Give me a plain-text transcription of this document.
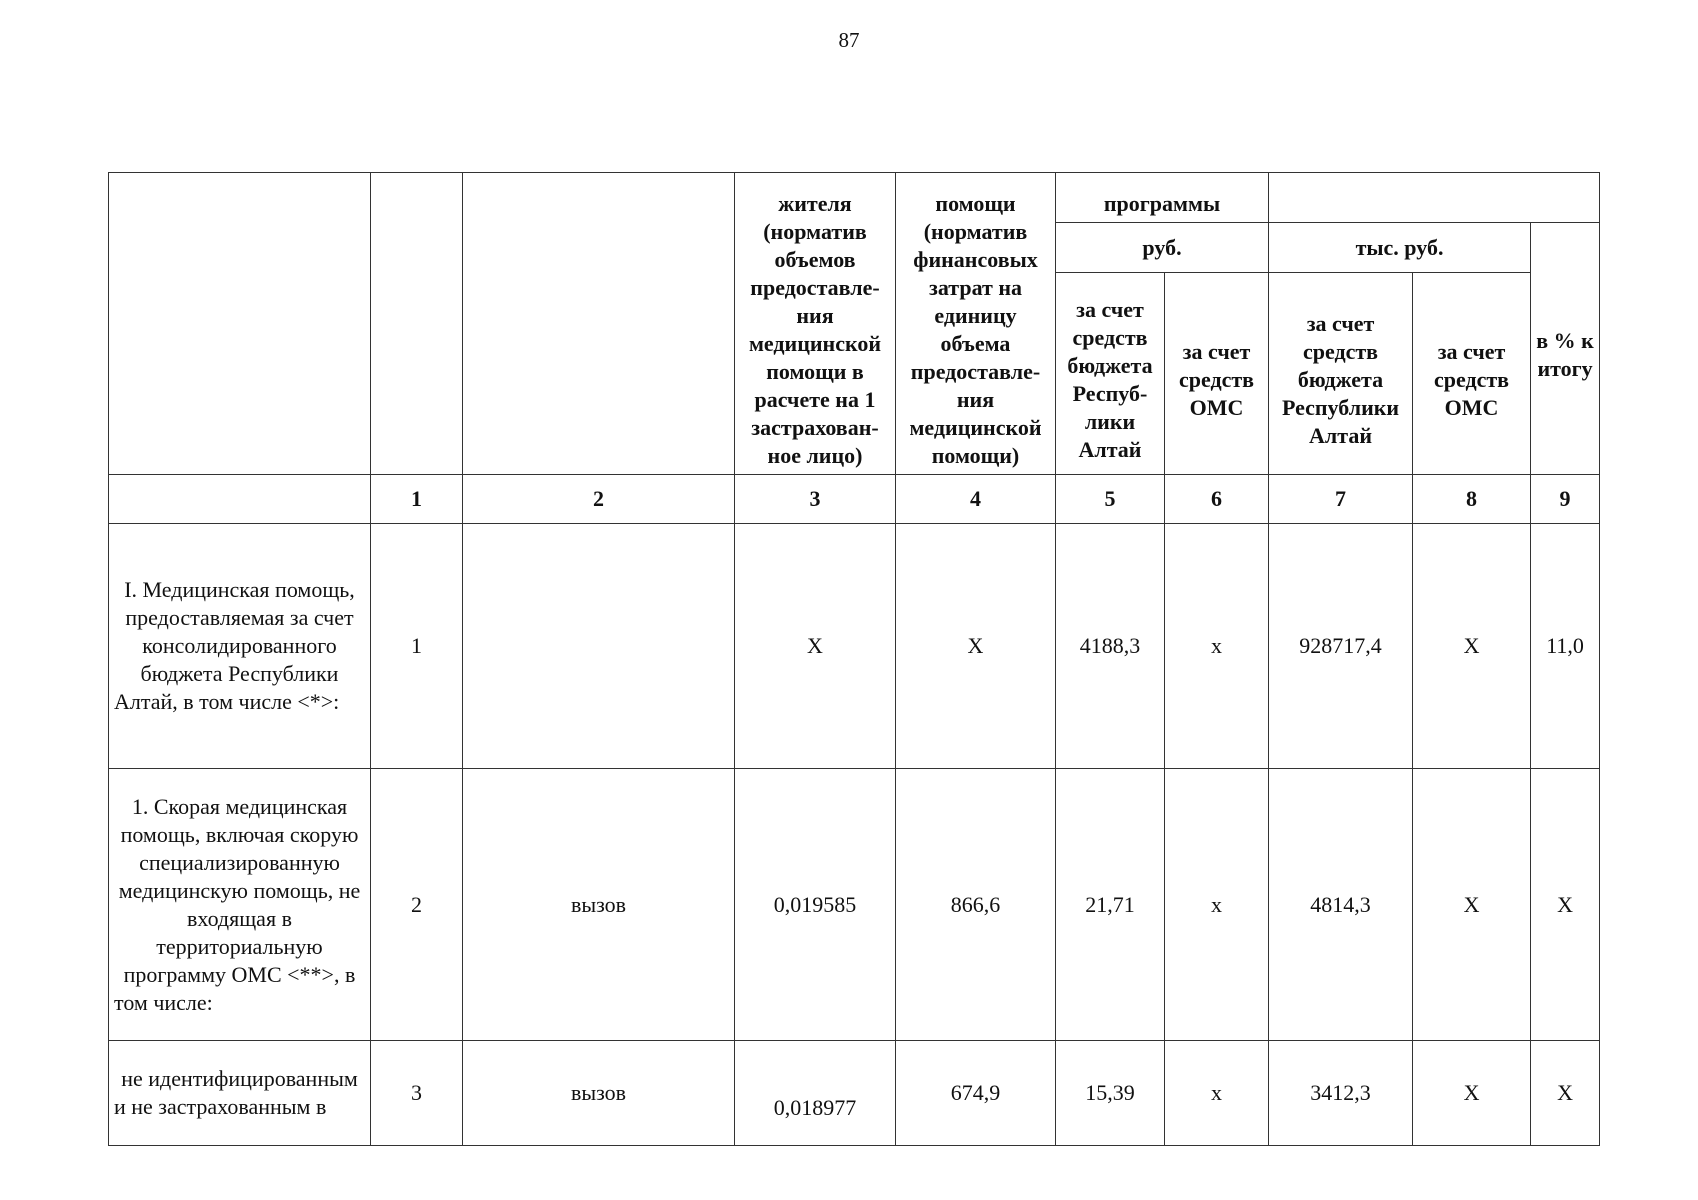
87
			жителя (норматив объемов предоставле-ния медицинской помощи в расчете на 1 застрахован-ное лицо)	помощи (норматив финансовых затрат на единицу объема предоставле-ния медицинской помощи)	программы				
					руб.		тыс. руб.		в % к итогу
					за счет средств бюджета Респуб-лики Алтай	за счет средств ОМС	за счет средств бюджета Республики Алтай	за счет средств ОМС	
	1	2	3	4	5	6	7	8	9
I. Медицинская помощь, предоставляемая за счет консолидированного бюджета Республики Алтай, в том числе <*>:	1		X	X	4188,3	x	928717,4	X	11,0
1. Скорая медицинская помощь, включая скорую специализированную медицинскую помощь, не входящая в территориальную программу ОМС <**>, в том числе:	2	вызов	0,019585	866,6	21,71	x	4814,3	X	X
не идентифицированным и не застрахованным в	3	вызов	0,018977	674,9	15,39	x	3412,3	X	X
